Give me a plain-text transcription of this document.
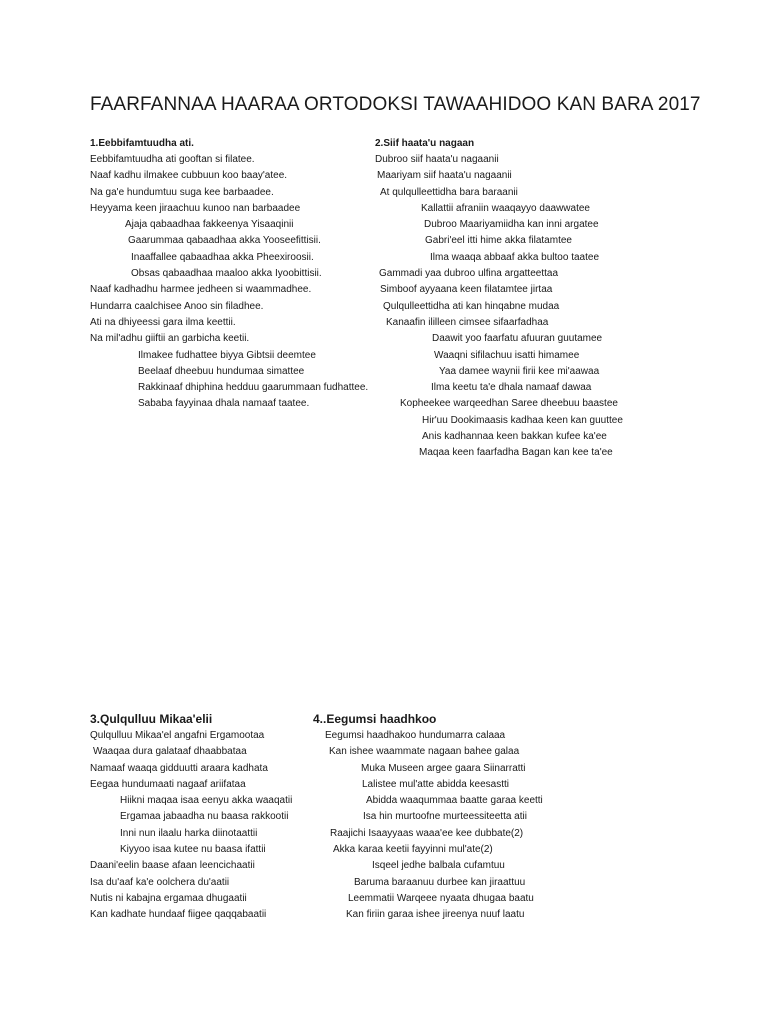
FAARFANNAA HAARAA ORTODOKSI TAWAAHIDOO KAN BARA 2017
1.Eebbifamtuudha ati.
Eebbifamtuudha ati gooftan si filatee.
Naaf kadhu ilmakee cubbuun koo baay'atee.
Na ga'e hundumtuu suga kee barbaadee.
Heyyama keen jiraachuu kunoo nan barbaadee
Ajaja qabaadhaa fakkeenya Yisaaqinii
Gaarummaa qabaadhaa akka Yooseefittisii.
Inaaffallee qabaadhaa akka Pheexiroosii.
Obsas qabaadhaa maaloo akka Iyoobittisii.
Naaf kadhadhu harmee jedheen si waammadhee.
Hundarra caalchisee Anoo sin filadhee.
Ati na dhiyeessi gara ilma keettii.
Na mil'adhu giiftii an garbicha keetii.
Ilmakee fudhattee biyya Gibtsii deemtee
Beelaaf dheebuu hundumaa simattee
Rakkinaaf dhiphina hedduu gaarummaan fudhattee.
Sababa fayyinaa dhala namaaf taatee.
2.Siif haata'u nagaan
Dubroo siif haata'u nagaanii
Maariyam siif haata'u nagaanii
At qulqulleettidha bara baraanii
Kallattii afraniin waaqayyo daawwatee
Dubroo Maariyamiidha kan inni argatee
Gabri'eel itti hime akka filatamtee
Ilma waaqa abbaaf akka bultoo taatee
Gammadi yaa dubroo ulfina argatteettaa
Simboof ayyaana keen filatamtee jirtaa
Qulqulleettidha ati kan hinqabne mudaa
Kanaafin ililleen cimsee sifaarfadhaa
Daawit yoo faarfatu afuuran guutamee
Waaqni sifilachuu isatti himamee
Yaa damee waynii firii kee mi'aawaa
Ilma keetu ta'e dhala namaaf dawaa
Kopheekee warqeedhan Saree dheebuu baastee
Hir'uu Dookimaasis kadhaa keen kan guuttee
Anis kadhannaa keen bakkan kufee ka'ee
Maqaa keen faarfadha Bagan kan kee ta'ee
3.Qulqulluu Mikaa'elii
Qulqulluu Mikaa'el angafni Ergamootaa
Waaqaa dura galataaf dhaabbataa
Namaaf waaqa gidduutti araara kadhata
Eegaa hundumaati nagaaf ariifataa
Hiikni maqaa isaa eenyu akka waaqatii
Ergamaa jabaadha nu baasa rakkootii
Inni nun ilaalu harka diinotaattii
Kiyyoo isaa kutee nu baasa ifattii
Daani'eelin baase afaan leencichaatii
Isa du'aaf ka'e oolchera du'aatii
Nutis ni kabajna ergamaa dhugaatii
Kan kadhate hundaaf fiigee qaqqabaatii
4..Eegumsi haadhkoo
Eegumsi haadhakoo hundumarra calaaa
Kan ishee waammate nagaan bahee galaa
Muka Museen argee gaara Siinarratti
Lalistee mul'atte abidda keesastti
Abidda waaqummaa baatte garaa keetti
Isa hin murtoofne murteessiteetta atii
Raajichi Isaayyaas waaa'ee kee dubbate(2)
Akka karaa keetii fayyinni mul'ate(2)
Isqeel jedhe balbala cufamtuu
Baruma baraanuu durbee kan jiraattuu
Leemmatii Warqeee nyaata dhugaa baatu
Kan firiin garaa ishee jireenya nuuf laatu
